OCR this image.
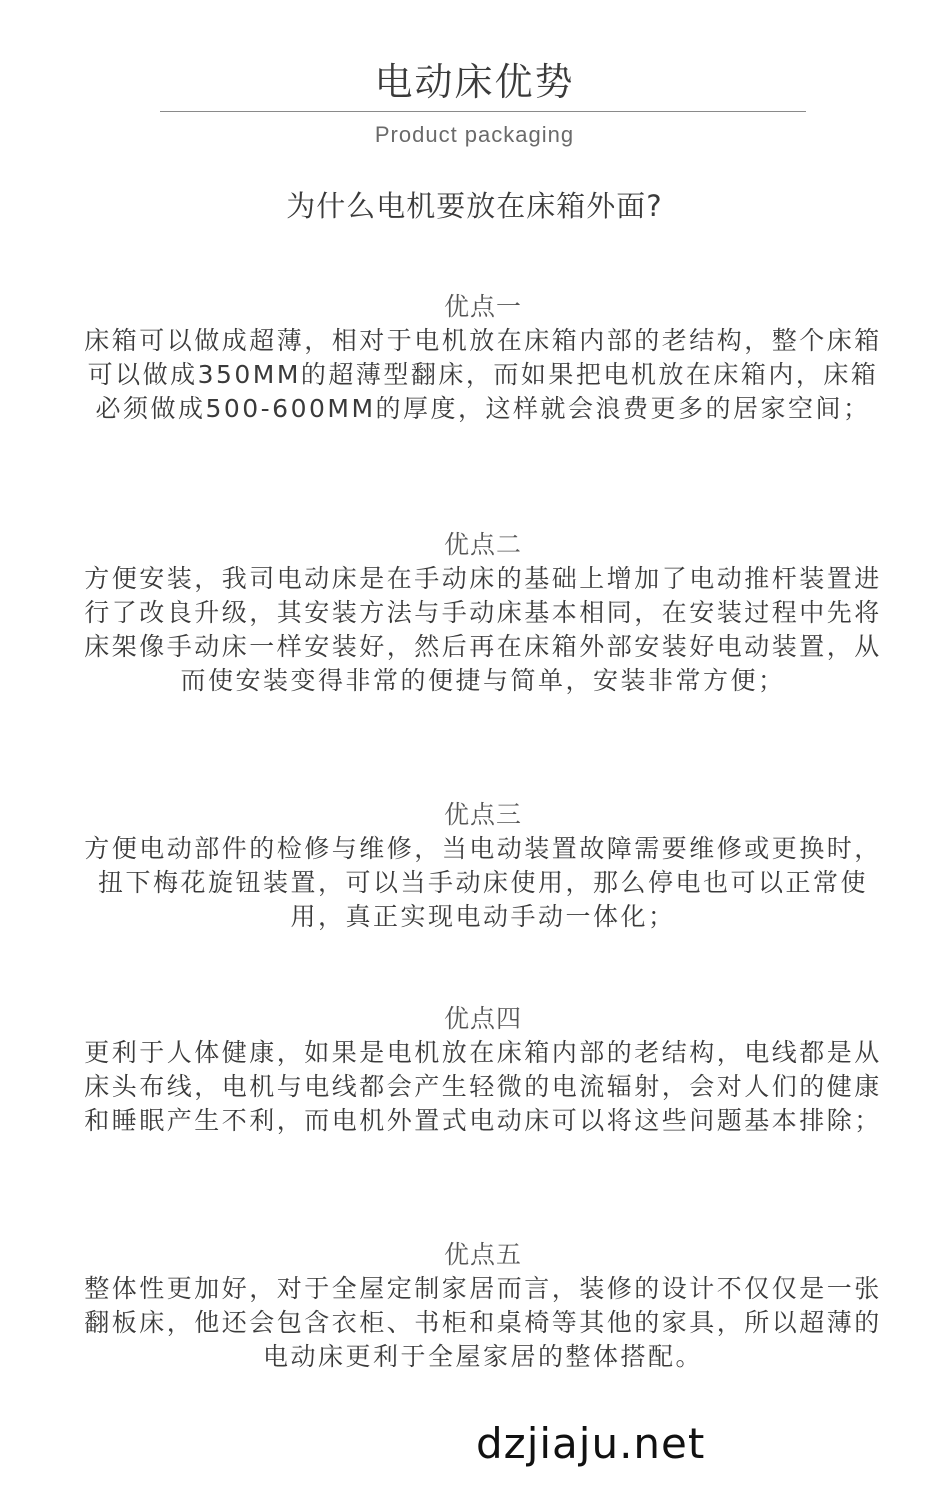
电动床优势
Product packaging
为什么电机要放在床箱外面?
优点一
床箱可以做成超薄，相对于电机放在床箱内部的老结构，整个床箱可以做成350MM的超薄型翻床，而如果把电机放在床箱内，床箱必须做成500-600MM的厚度，这样就会浪费更多的居家空间；
优点二
方便安装，我司电动床是在手动床的基础上增加了电动推杆装置进行了改良升级，其安装方法与手动床基本相同，在安装过程中先将床架像手动床一样安装好，然后再在床箱外部安装好电动装置，从而使安装变得非常的便捷与简单，安装非常方便；
优点三
方便电动部件的检修与维修，当电动装置故障需要维修或更换时，扭下梅花旋钮装置，可以当手动床使用，那么停电也可以正常使用，真正实现电动手动一体化；
优点四
更利于人体健康，如果是电机放在床箱内部的老结构，电线都是从床头布线，电机与电线都会产生轻微的电流辐射，会对人们的健康和睡眠产生不利，而电机外置式电动床可以将这些问题基本排除；
优点五
整体性更加好，对于全屋定制家居而言，装修的设计不仅仅是一张翻板床，他还会包含衣柜、书柜和桌椅等其他的家具，所以超薄的电动床更利于全屋家居的整体搭配。
dzjiaju.net
